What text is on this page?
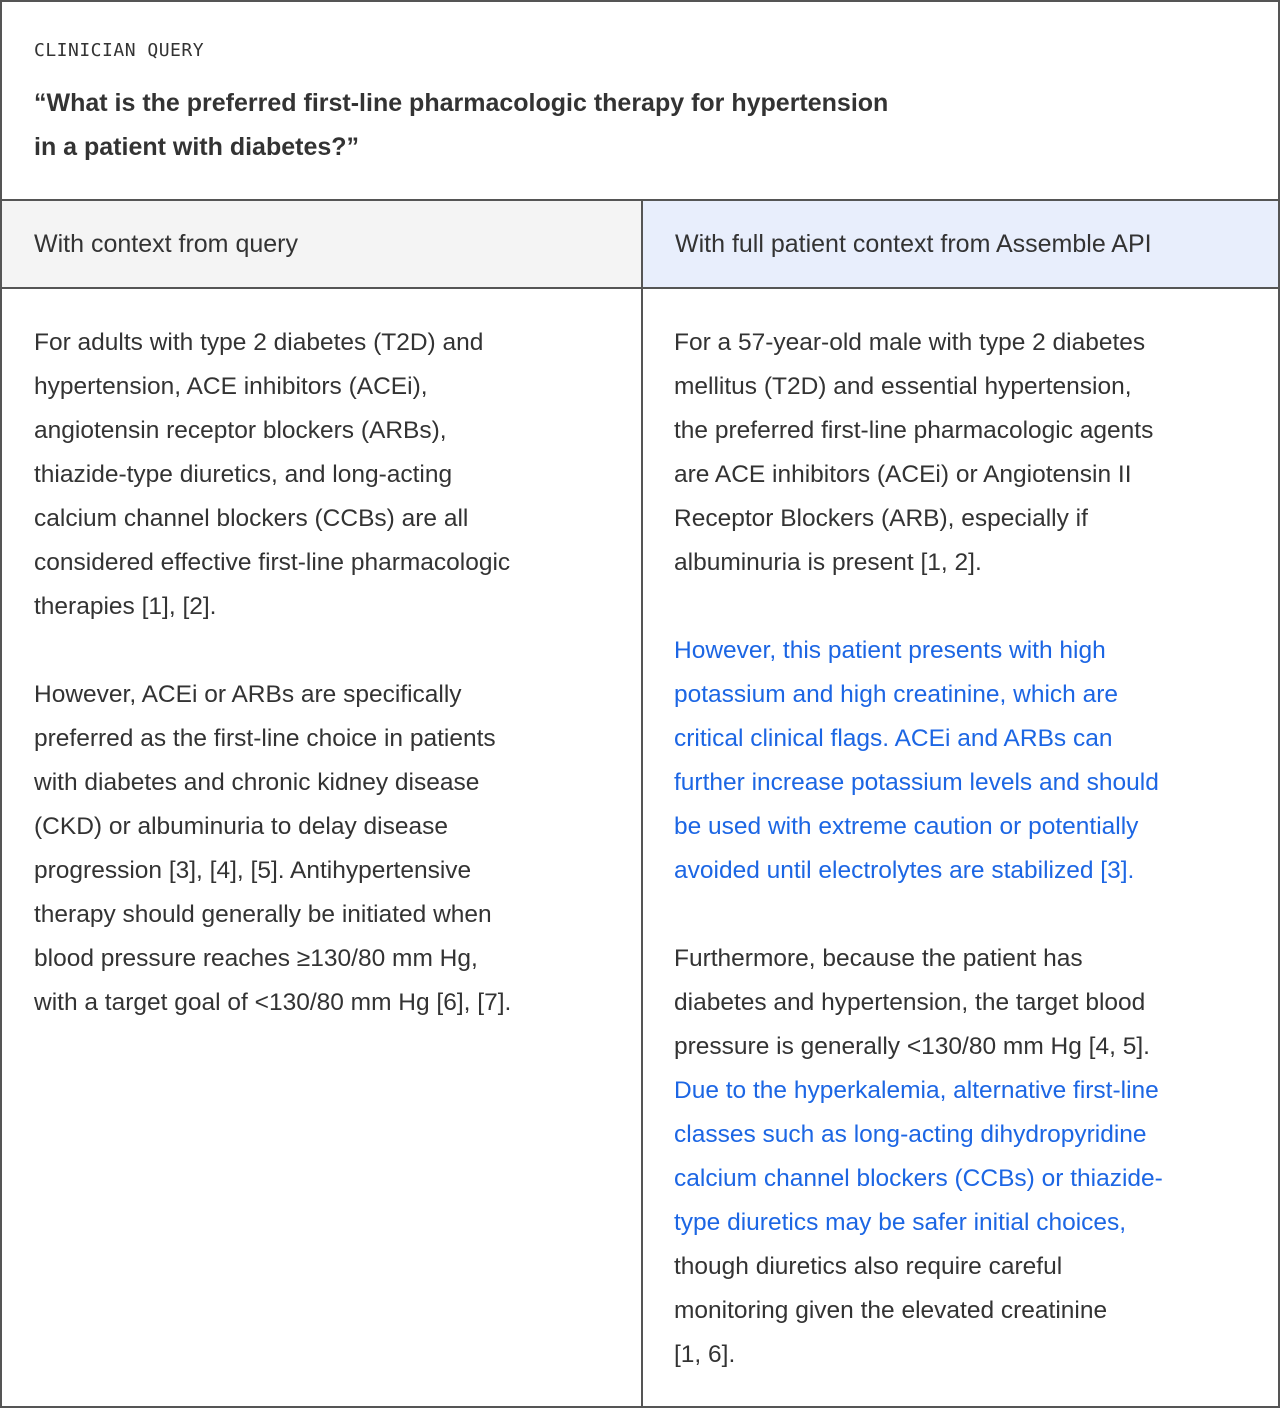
CLINICIAN QUERY
“What is the preferred first-line pharmacologic therapy for hypertension
in a patient with diabetes?”
With context from query	With full patient context from Assemble API
For adults with type 2 diabetes (T2D) and
hypertension, ACE inhibitors (ACEi),
angiotensin receptor blockers (ARBs),
thiazide-type diuretics, and long-acting
calcium channel blockers (CCBs) are all
considered effective first-line pharmacologic
therapies [1], [2].
However, ACEi or ARBs are specifically
preferred as the first-line choice in patients
with diabetes and chronic kidney disease
(CKD) or albuminuria to delay disease
progression [3], [4], [5]. Antihypertensive
therapy should generally be initiated when
blood pressure reaches ≥130/80 mm Hg,
with a target goal of <130/80 mm Hg [6], [7].
For a 57-year-old male with type 2 diabetes
mellitus (T2D) and essential hypertension,
the preferred first-line pharmacologic agents
are ACE inhibitors (ACEi) or Angiotensin II
Receptor Blockers (ARB), especially if
albuminuria is present [1, 2].
However, this patient presents with high
potassium and high creatinine, which are
critical clinical flags. ACEi and ARBs can
further increase potassium levels and should
be used with extreme caution or potentially
avoided until electrolytes are stabilized [3].
Furthermore, because the patient has
diabetes and hypertension, the target blood
pressure is generally <130/80 mm Hg [4, 5].
Due to the hyperkalemia, alternative first-line
classes such as long-acting dihydropyridine
calcium channel blockers (CCBs) or thiazide-
type diuretics may be safer initial choices,
though diuretics also require careful
monitoring given the elevated creatinine
[1, 6].
